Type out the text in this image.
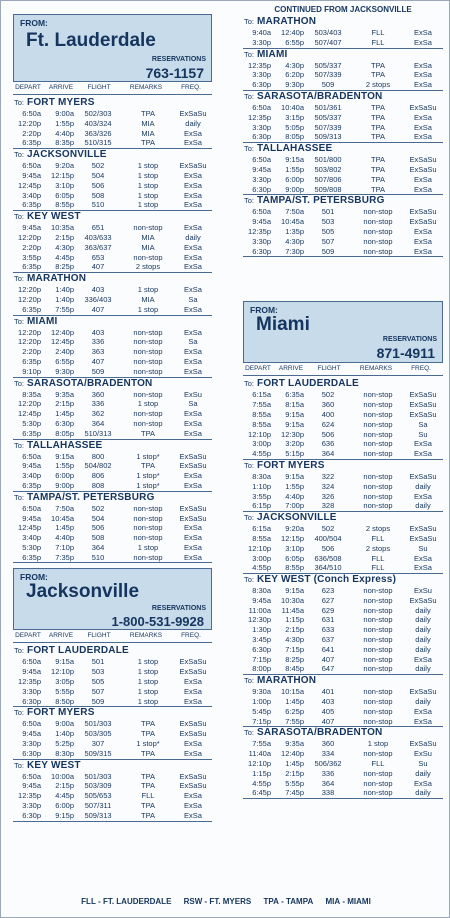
FROM:
Ft. Lauderdale
RESERVATIONS
763-1157
DEPART	ARRIVE	FLIGHT	REMARKS	FREQ.
To: FORT MYERS
6:50a	9:00a	502/303	TPA	ExSaSu
12:20p	1:55p	403/324	MIA	daily
2:20p	4:40p	363/326	MIA	ExSa
6:35p	8:35p	510/315	TPA	ExSa
To: JACKSONVILLE
6:50a	9:20a	502	1 stop	ExSaSu
9:45a	12:15p	504	1 stop	ExSa
12:45p	3:10p	506	1 stop	ExSa
3:40p	6:05p	508	1 stop	ExSa
6:35p	8:55p	510	1 stop	ExSa
To: KEY WEST
9:45a	10:35a	651	non-stop	ExSa
12:20p	2:15p	403/633	MIA	daily
2:20p	4:30p	363/637	MIA	ExSa
3:55p	4:45p	653	non-stop	ExSa
6:35p	8:25p	407	2 stops	ExSa
To: MARATHON
12:20p	1:40p	403	1 stop	ExSa
12:20p	1:40p	336/403	MIA	Sa
6:35p	7:55p	407	1 stop	ExSa
To: MIAMI
12:20p	12:40p	403	non-stop	ExSa
12:20p	12:45p	336	non-stop	Sa
2:20p	2:40p	363	non-stop	ExSa
6:35p	6:55p	407	non-stop	ExSa
9:10p	9:30p	509	non-stop	ExSa
To: SARASOTA/BRADENTON
8:35a	9:35a	360	non-stop	ExSu
12:20p	2:15p	336	1 stop	Sa
12:45p	1:45p	362	non-stop	ExSa
5:30p	6:30p	364	non-stop	ExSa
6:35p	8:05p	510/313	TPA	ExSa
To: TALLAHASSEE
6:50a	9:15a	800	1 stop*	ExSaSu
9:45a	1:55p	504/802	TPA	ExSaSu
3:40p	6:00p	806	1 stop*	ExSa
6:35p	9:00p	808	1 stop*	ExSa
To: TAMPA/ST. PETERSBURG
6:50a	7:50a	502	non-stop	ExSaSu
9:45a	10:45a	504	non-stop	ExSaSu
12:45p	1:45p	506	non-stop	ExSa
3:40p	4:40p	508	non-stop	ExSa
5:30p	7:10p	364	1 stop	ExSa
6:35p	7:35p	510	non-stop	ExSa
FROM:
Jacksonville
RESERVATIONS
1-800-531-9928
DEPART	ARRIVE	FLIGHT	REMARKS	FREQ.
To: FORT LAUDERDALE
6:50a	9:15a	501	1 stop	ExSaSu
9:45a	12:10p	503	1 stop	ExSaSu
12:35p	3:05p	505	1 stop	ExSa
3:30p	5:55p	507	1 stop	ExSa
6:30p	8:50p	509	1 stop	ExSa
To: FORT MYERS
6:50a	9:00a	501/303	TPA	ExSaSu
9:45a	1:40p	503/305	TPA	ExSaSu
3:30p	5:25p	307	1 stop*	ExSa
6:30p	8:30p	509/315	TPA	ExSa
To: KEY WEST
6:50a	10:00a	501/303	TPA	ExSaSu
9:45a	2:15p	503/309	TPA	ExSaSu
12:35p	4:45p	505/653	FLL	ExSa
3:30p	6:00p	507/311	TPA	ExSa
6:30p	9:15p	509/313	TPA	ExSa
CONTINUED FROM JACKSONVILLE
To: MARATHON
9:40a	12:40p	503/403	FLL	ExSa
3:30p	6:55p	507/407	FLL	ExSa
To: MIAMI
12:35p	4:30p	505/337	TPA	ExSa
3:30p	6:20p	507/339	TPA	ExSa
6:30p	9:30p	509	2 stops	ExSa
To: SARASOTA/BRADENTON
6:50a	10:40a	501/361	TPA	ExSaSu
12:35p	3:15p	505/337	TPA	ExSa
3:30p	5:05p	507/339	TPA	ExSa
6:30p	8:05p	509/313	TPA	ExSa
To: TALLAHASSEE
6:50a	9:15a	501/800	TPA	ExSaSu
9:45a	1:55p	503/802	TPA	ExSaSu
3:30p	6:00p	507/806	TPA	ExSa
6:30p	9:00p	509/808	TPA	ExSa
To: TAMPA/ST. PETERSBURG
6:50a	7:50a	501	non-stop	ExSaSu
9:45a	10:45a	503	non-stop	ExSaSu
12:35p	1:35p	505	non-stop	ExSa
3:30p	4:30p	507	non-stop	ExSa
6:30p	7:30p	509	non-stop	ExSa
FROM:
Miami
RESERVATIONS
871-4911
DEPART	ARRIVE	FLIGHT	REMARKS	FREQ.
To: FORT LAUDERDALE
6:15a	6:35a	502	non-stop	ExSaSu
7:55a	8:15a	360	non-stop	ExSaSu
8:55a	9:15a	400	non-stop	ExSaSu
8:55a	9:15a	624	non-stop	Sa
12:10p	12:30p	506	non-stop	Su
3:00p	3:20p	636	non-stop	ExSa
4:55p	5:15p	364	non-stop	ExSa
To: FORT MYERS
8:30a	9:15a	322	non-stop	ExSaSu
1:10p	1:55p	324	non-stop	daily
3:55p	4:40p	326	non-stop	ExSa
6:15p	7:00p	328	non-stop	daily
To: JACKSONVILLE
6:15a	9:20a	502	2 stops	ExSaSu
8:55a	12:15p	400/504	FLL	ExSaSu
12:10p	3:10p	506	2 stops	Su
3:00p	6:05p	636/508	FLL	ExSa
4:55p	8:55p	364/510	FLL	ExSa
To: KEY WEST (Conch Express)
8:30a	9:15a	623	non-stop	ExSu
9:45a	10:30a	627	non-stop	ExSaSu
11:00a	11:45a	629	non-stop	daily
12:30p	1:15p	631	non-stop	daily
1:30p	2:15p	633	non-stop	daily
3:45p	4:30p	637	non-stop	daily
6:30p	7:15p	641	non-stop	daily
7:15p	8:25p	407	non-stop	ExSa
8:00p	8:45p	647	non-stop	daily
To: MARATHON
9:30a	10:15a	401	non-stop	ExSaSu
1:00p	1:45p	403	non-stop	daily
5:45p	6:25p	405	non-stop	ExSa
7:15p	7:55p	407	non-stop	ExSa
To: SARASOTA/BRADENTON
7:55a	9:35a	360	1 stop	ExSaSu
11:40a	12:40p	334	non-stop	ExSu
12:10p	1:45p	506/362	FLL	Su
1:15p	2:15p	336	non-stop	daily
4:55p	5:55p	364	non-stop	ExSa
6:45p	7:45p	338	non-stop	daily
FLL - FT. LAUDERDALE RSW - FT. MYERS TPA - TAMPA MIA - MIAMI
